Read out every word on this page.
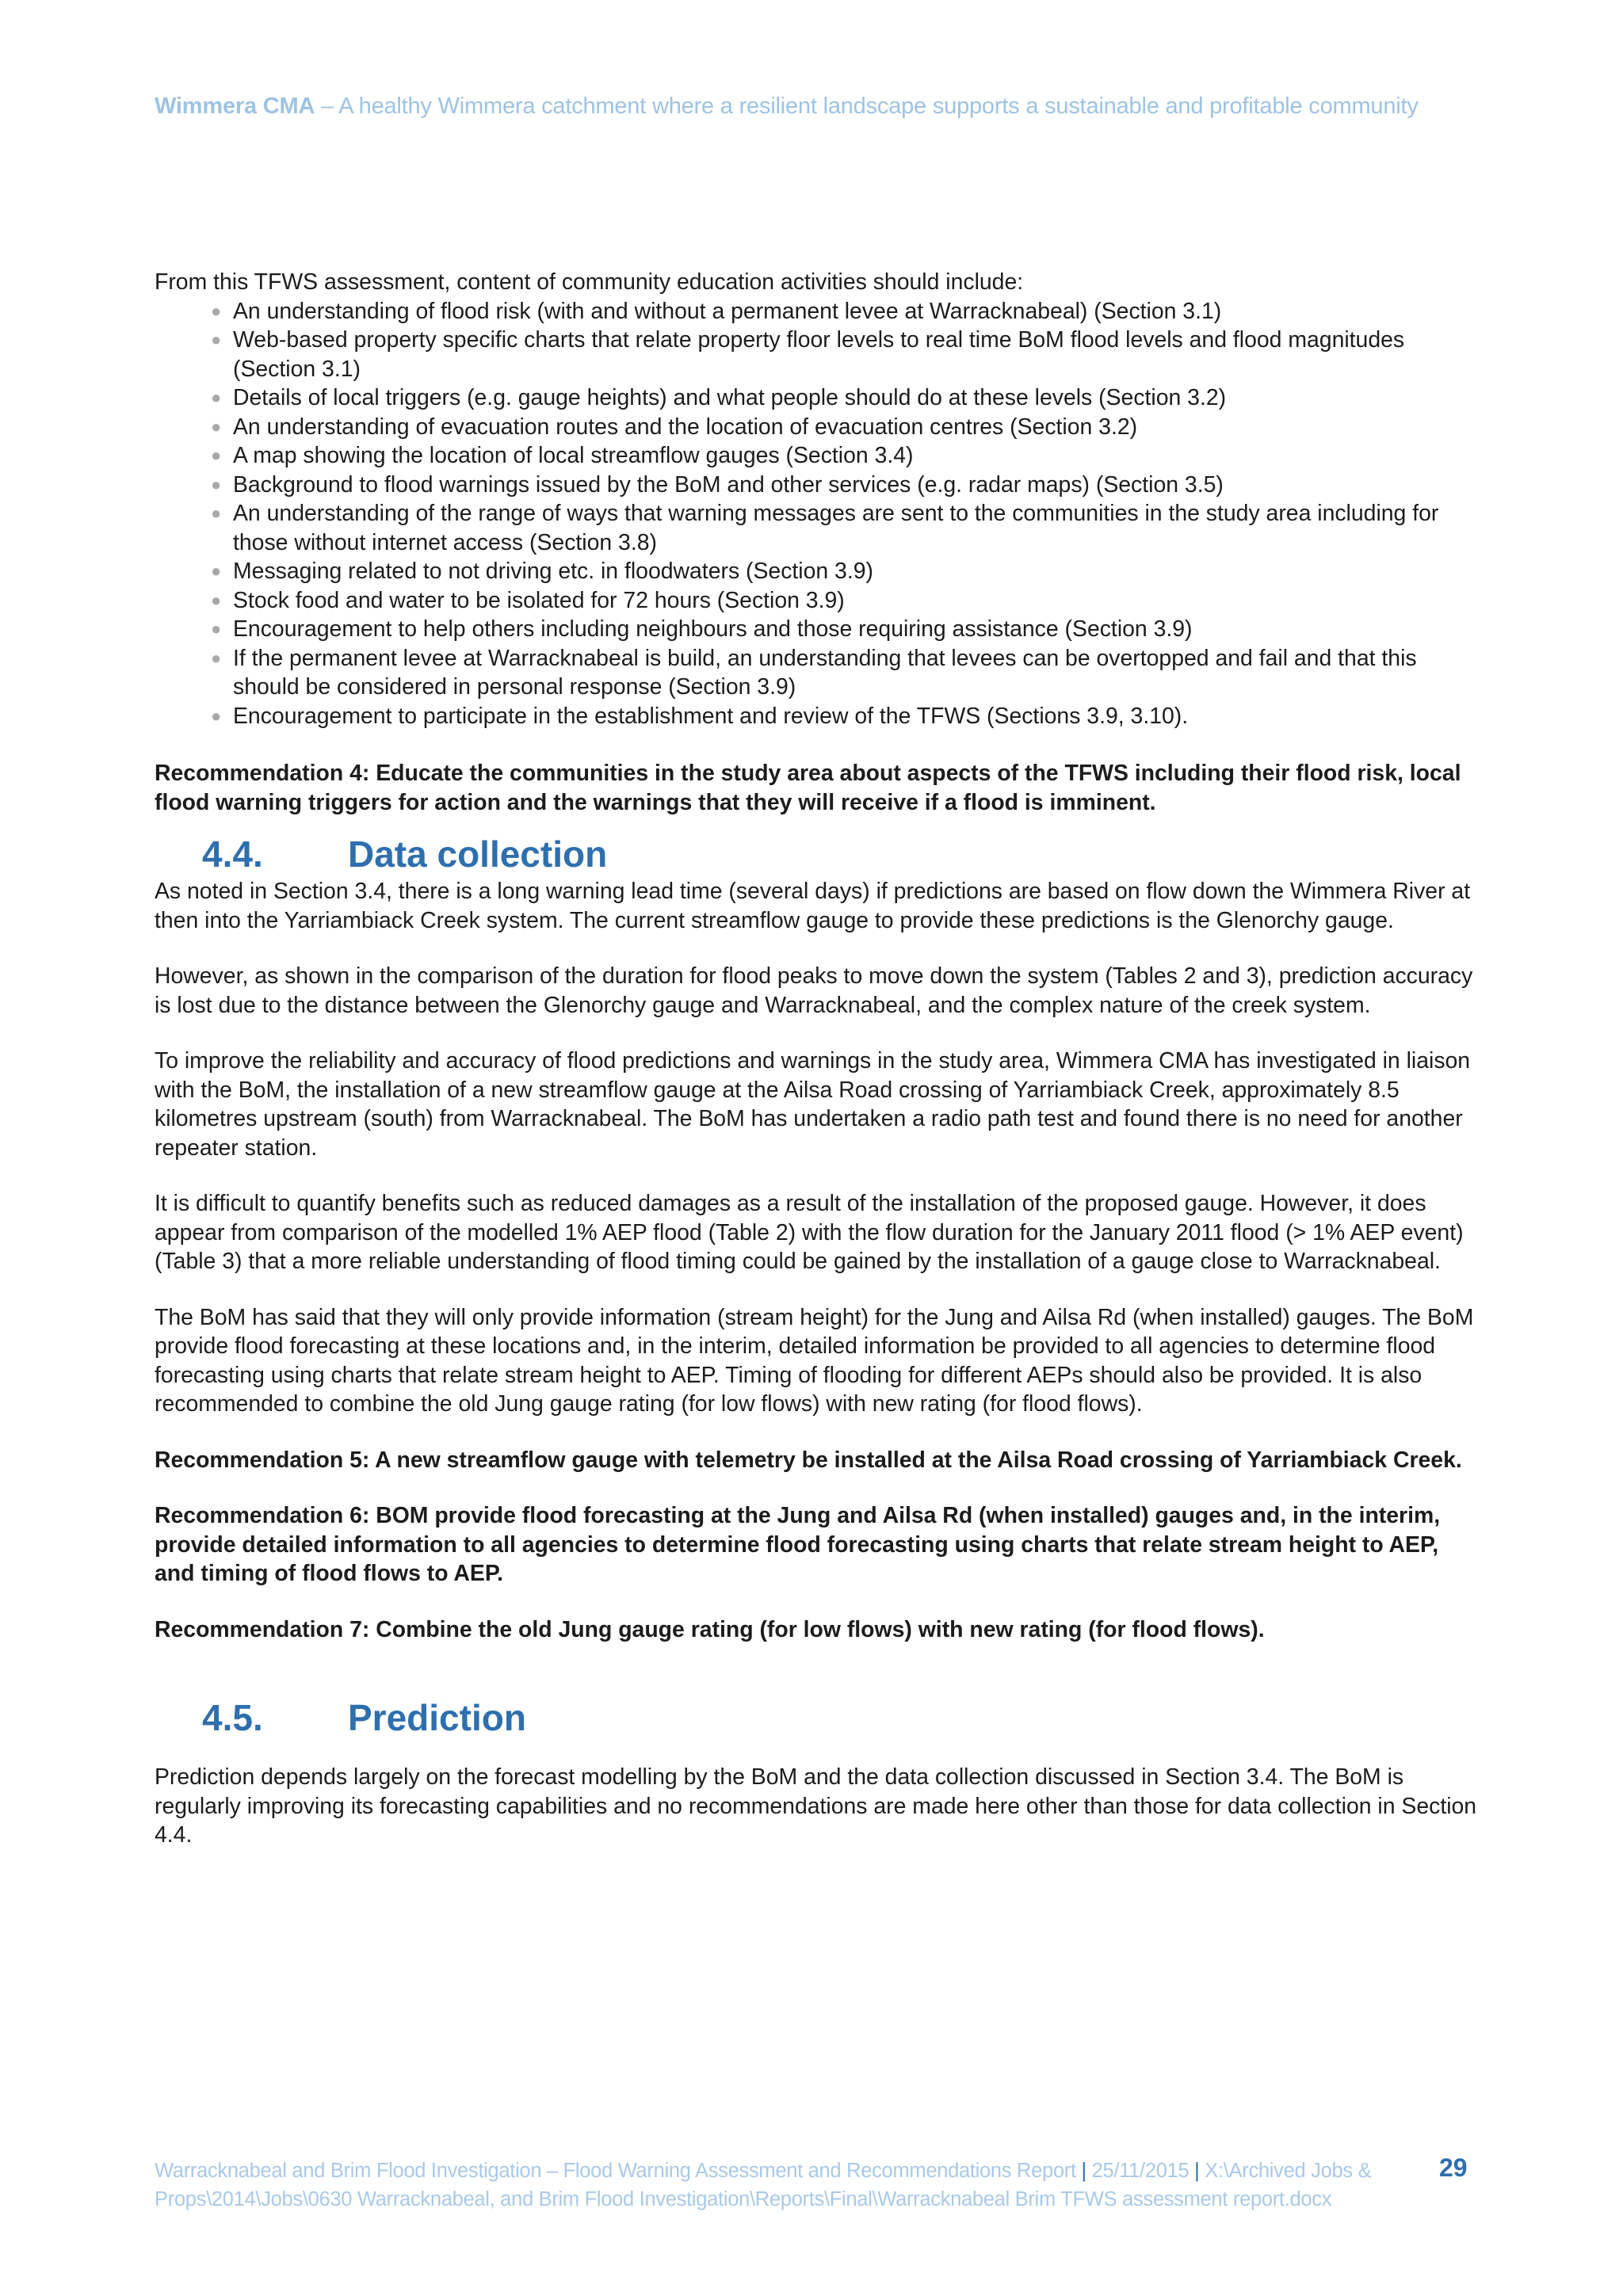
Wimmera CMA – A healthy Wimmera catchment where a resilient landscape supports a sustainable and profitable community

From this TFWS assessment, content of community education activities should include:

● An understanding of flood risk (with and without a permanent levee at Warracknabeal) (Section 3.1)
● Web-based property specific charts that relate property floor levels to real time BoM flood levels and flood magnitudes (Section 3.1)
● Details of local triggers (e.g. gauge heights) and what people should do at these levels (Section 3.2)
● An understanding of evacuation routes and the location of evacuation centres (Section 3.2)
● A map showing the location of local streamflow gauges (Section 3.4)
● Background to flood warnings issued by the BoM and other services (e.g. radar maps) (Section 3.5)
● An understanding of the range of ways that warning messages are sent to the communities in the study area including for those without internet access (Section 3.8)
● Messaging related to not driving etc. in floodwaters (Section 3.9)
● Stock food and water to be isolated for 72 hours (Section 3.9)
● Encouragement to help others including neighbours and those requiring assistance (Section 3.9)
● If the permanent levee at Warracknabeal is build, an understanding that levees can be overtopped and fail and that this should be considered in personal response (Section 3.9)
● Encouragement to participate in the establishment and review of the TFWS (Sections 3.9, 3.10).

Recommendation 4: Educate the communities in the study area about aspects of the TFWS including their flood risk, local flood warning triggers for action and the warnings that they will receive if a flood is imminent.

4.4.	Data collection

As noted in Section 3.4, there is a long warning lead time (several days) if predictions are based on flow down the Wimmera River at then into the Yarriambiack Creek system. The current streamflow gauge to provide these predictions is the Glenorchy gauge.

However, as shown in the comparison of the duration for flood peaks to move down the system (Tables 2 and 3), prediction accuracy is lost due to the distance between the Glenorchy gauge and Warracknabeal, and the complex nature of the creek system.

To improve the reliability and accuracy of flood predictions and warnings in the study area, Wimmera CMA has investigated in liaison with the BoM, the installation of a new streamflow gauge at the Ailsa Road crossing of Yarriambiack Creek, approximately 8.5 kilometres upstream (south) from Warracknabeal. The BoM has undertaken a radio path test and found there is no need for another repeater station.

It is difficult to quantify benefits such as reduced damages as a result of the installation of the proposed gauge. However, it does appear from comparison of the modelled 1% AEP flood (Table 2) with the flow duration for the January 2011 flood (> 1% AEP event) (Table 3) that a more reliable understanding of flood timing could be gained by the installation of a gauge close to Warracknabeal.

The BoM has said that they will only provide information (stream height) for the Jung and Ailsa Rd (when installed) gauges. The BoM provide flood forecasting at these locations and, in the interim, detailed information be provided to all agencies to determine flood forecasting using charts that relate stream height to AEP. Timing of flooding for different AEPs should also be provided. It is also recommended to combine the old Jung gauge rating (for low flows) with new rating (for flood flows).

Recommendation 5: A new streamflow gauge with telemetry be installed at the Ailsa Road crossing of Yarriambiack Creek.

Recommendation 6: BOM provide flood forecasting at the Jung and Ailsa Rd (when installed) gauges and, in the interim, provide detailed information to all agencies to determine flood forecasting using charts that relate stream height to AEP, and timing of flood flows to AEP.

Recommendation 7: Combine the old Jung gauge rating (for low flows) with new rating (for flood flows).

4.5.	Prediction

Prediction depends largely on the forecast modelling by the BoM and the data collection discussed in Section 3.4. The BoM is regularly improving its forecasting capabilities and no recommendations are made here other than those for data collection in Section 4.4.

Warracknabeal and Brim Flood Investigation – Flood Warning Assessment and Recommendations Report | 25/11/2015 | X:\Archived Jobs & Props\2014\Jobs\0630 Warracknabeal, and Brim Flood Investigation\Reports\Final\Warracknabeal Brim TFWS assessment report.docx
29
